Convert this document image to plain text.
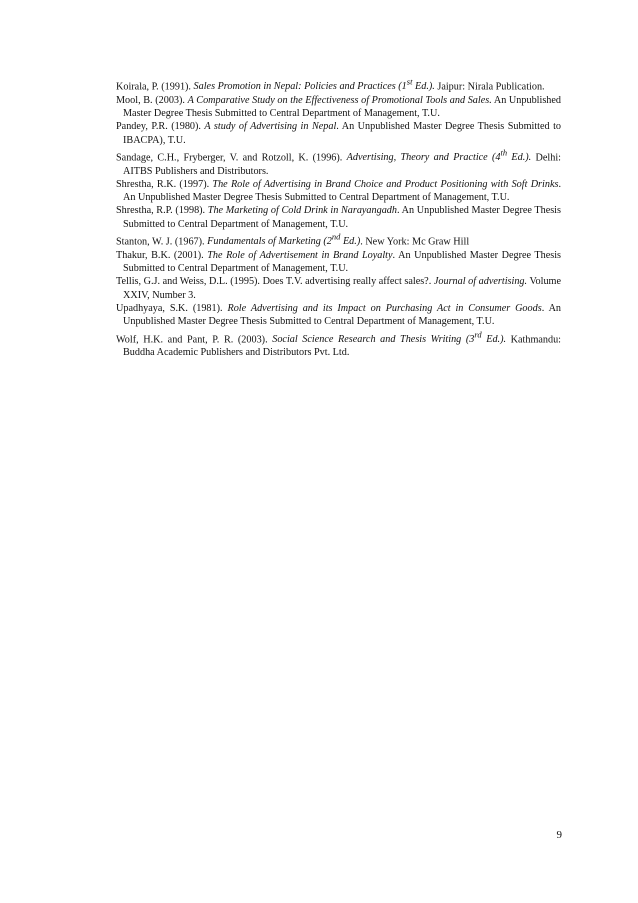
Koirala, P. (1991). Sales Promotion in Nepal: Policies and Practices (1st Ed.). Jaipur: Nirala Publication.

Mool, B. (2003). A Comparative Study on the Effectiveness of Promotional Tools and Sales. An Unpublished Master Degree Thesis Submitted to Central Department of Management, T.U.

Pandey, P.R. (1980). A study of Advertising in Nepal. An Unpublished Master Degree Thesis Submitted to IBACPA), T.U.

Sandage, C.H., Fryberger, V. and Rotzoll, K. (1996). Advertising, Theory and Practice (4th Ed.). Delhi: AITBS Publishers and Distributors.

Shrestha, R.K. (1997). The Role of Advertising in Brand Choice and Product Positioning with Soft Drinks. An Unpublished Master Degree Thesis Submitted to Central Department of Management, T.U.

Shrestha, R.P. (1998). The Marketing of Cold Drink in Narayangadh. An Unpublished Master Degree Thesis Submitted to Central Department of Management, T.U.

Stanton, W. J. (1967). Fundamentals of Marketing (2nd Ed.). New York: Mc Graw Hill

Thakur, B.K. (2001). The Role of Advertisement in Brand Loyalty. An Unpublished Master Degree Thesis Submitted to Central Department of Management, T.U.

Tellis, G.J. and Weiss, D.L. (1995). Does T.V. advertising really affect sales?. Journal of advertising. Volume XXIV, Number 3.

Upadhyaya, S.K. (1981). Role Advertising and its Impact on Purchasing Act in Consumer Goods. An Unpublished Master Degree Thesis Submitted to Central Department of Management, T.U.

Wolf, H.K. and Pant, P. R. (2003). Social Science Research and Thesis Writing (3rd Ed.). Kathmandu: Buddha Academic Publishers and Distributors Pvt. Ltd.

9
